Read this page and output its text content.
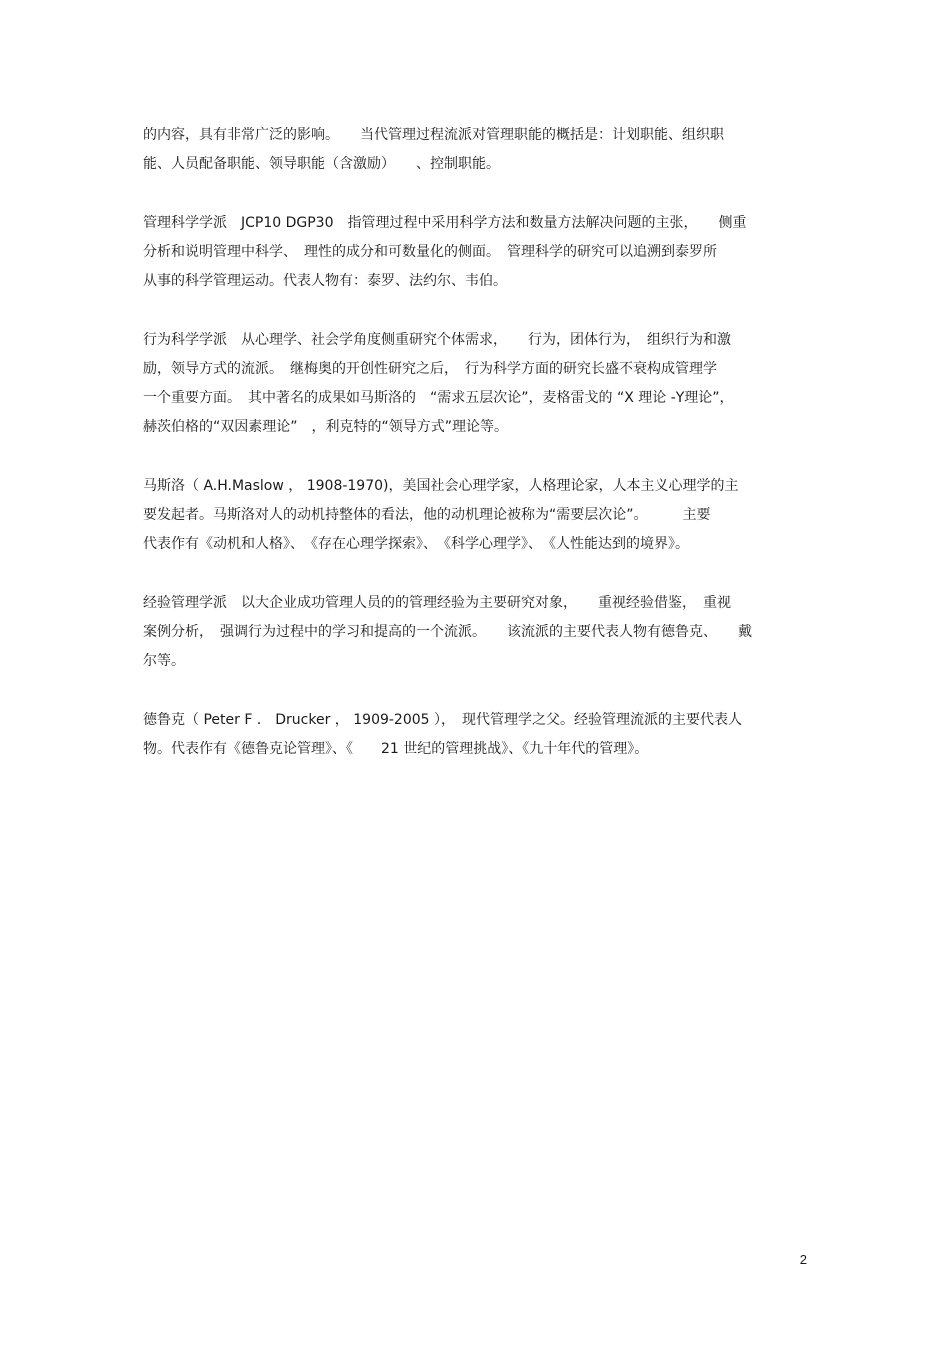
的内容，具有非常广泛的影响。　　当代管理过程流派对管理职能的概括是：计划职能、组织职
能、人员配备职能、领导职能（含激励）　　、控制职能。
管理科学学派　JCP10 DGP30　指管理过程中采用科学方法和数量方法解决问题的主张，　　侧重
分析和说明管理中科学、　理性的成分和可数量化的侧面。　管理科学的研究可以追溯到泰罗所
从事的科学管理运动。代表人物有：泰罗、法约尔、韦伯。
行为科学学派　从心理学、社会学角度侧重研究个体需求，　　行为，团体行为，　组织行为和激
励，领导方式的流派。　继梅奥的开创性研究之后，　行为科学方面的研究长盛不衰构成管理学
一个重要方面。　其中著名的成果如马斯洛的　“需求五层次论”，麦格雷戈的 “X 理论 -Y理论”，
赫茨伯格的“双因素理论”　，利克特的“领导方式”理论等。
马斯洛（ A.H.Maslow ， 1908-1970)，美国社会心理学家，人格理论家，人本主义心理学的主
要发起者。马斯洛对人的动机持整体的看法，他的动机理论被称为“需要层次论”。　　　主要
代表作有《动机和人格》、　《存在心理学探索》、　《科学心理学》、　《人性能达到的境界》。
经验管理学派　以大企业成功管理人员的的管理经验为主要研究对象，　　重视经验借鉴，　重视
案例分析，　强调行为过程中的学习和提高的一个流派。　　该流派的主要代表人物有德鲁克、　　戴
尔等。
德鲁克（ Peter F ． Drucker ， 1909-2005 ），　现代管理学之父。经验管理流派的主要代表人
物。代表作有《德鲁克论管理》、《　　21 世纪的管理挑战》、《九十年代的管理》。
2
